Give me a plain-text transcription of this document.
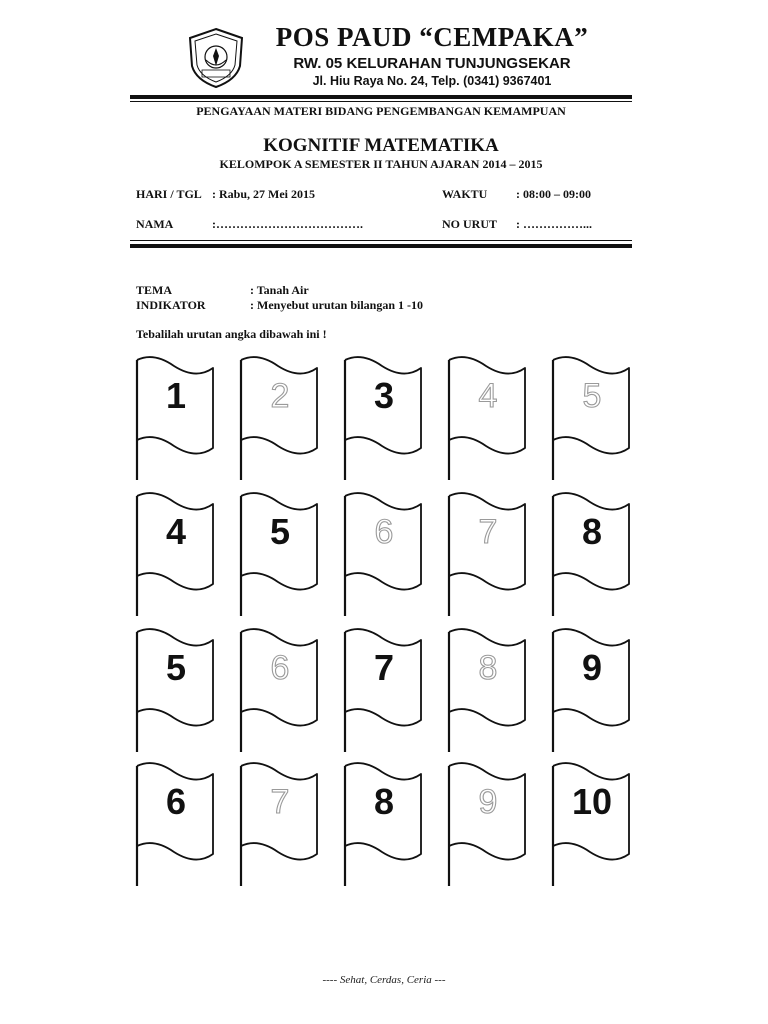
POS PAUD “CEMPAKA”
RW. 05 KELURAHAN TUNJUNGSEKAR
Jl. Hiu Raya No. 24, Telp. (0341) 9367401
PENGAYAAN MATERI BIDANG PENGEMBANGAN KEMAMPUAN
KOGNITIF MATEMATIKA
KELOMPOK A SEMESTER II TAHUN AJARAN 2014 – 2015
HARI / TGL : Rabu, 27 Mei 2015	WAKTU : 08:00 – 09:00
NAMA	:……………………………….	NO URUT : ……………...
TEMA	: Tanah Air
INDIKATOR	: Menyebut urutan bilangan 1 -10
Tebalilah urutan angka dibawah ini !
1	2	3	4	5
4	5	6	7	8
5	6	7	8	9
6	7	8	9	10
---- Sehat, Cerdas, Ceria ---
